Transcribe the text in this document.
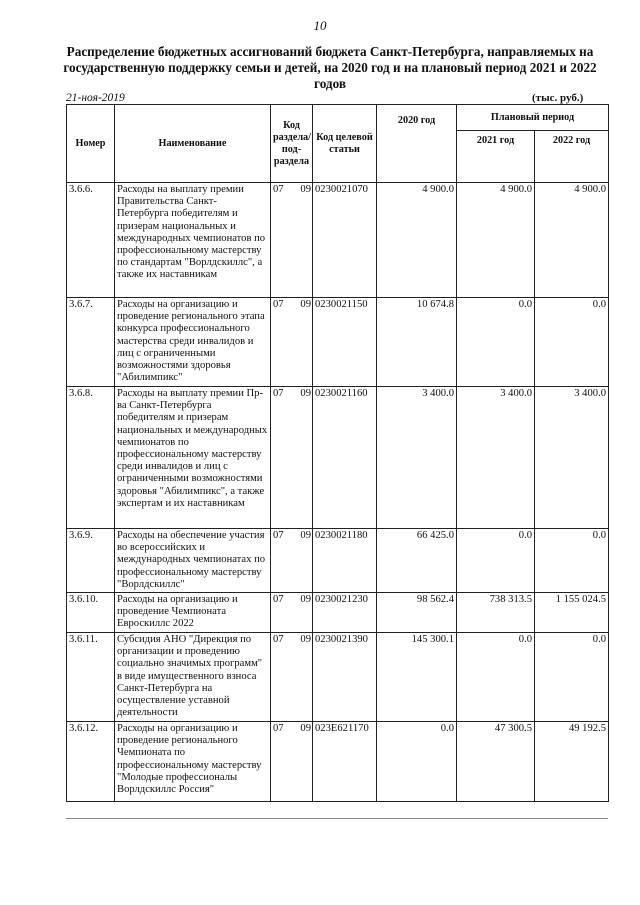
10
Распределение бюджетных ассигнований бюджета Санкт-Петербурга, направляемых на государственную поддержку семьи и детей, на 2020 год и на плановый период 2021 и 2022 годов
21-ноя-2019	(тыс. руб.)
Номер	Наименование	Код раздела/ под- раздела	Код целевой статьи	2020 год	Плановый период	
					2021 год	2022 год
3.6.6.	Расходы на выплату премии Правительства Санкт-Петербурга победителям и призерам национальных и международных чемпионатов по профессиональному мастерству по стандартам "Ворлдскиллс", а также их наставникам	07 09	0230021070	4 900.0	4 900.0	4 900.0
3.6.7.	Расходы на организацию и проведение регионального этапа конкурса профессионального мастерства среди инвалидов и лиц с ограниченными возможностями здоровья "Абилимпикс"	07 09	0230021150	10 674.8	0.0	0.0
3.6.8.	Расходы на выплату премии Пр-ва Санкт-Петербурга победителям и призерам национальных и международных чемпионатов по профессиональному мастерству среди инвалидов и лиц с ограниченными возможностями здоровья "Абилимпикс", а также экспертам и их наставникам	07 09	0230021160	3 400.0	3 400.0	3 400.0
3.6.9.	Расходы на обеспечение участия во всероссийских и международных чемпионатах по профессиональному мастерству "Ворлдскиллс"	07 09	0230021180	66 425.0	0.0	0.0
3.6.10.	Расходы на организацию и проведение Чемпионата Евроскиллс 2022	07 09	0230021230	98 562.4	738 313.5	1 155 024.5
3.6.11.	Субсидия АНО "Дирекция по организации и проведению социально значимых программ" в виде имущественного взноса Санкт-Петербурга на осуществление уставной деятельности	07 09	0230021390	145 300.1	0.0	0.0
3.6.12.	Расходы на организацию и проведение регионального Чемпионата по профессиональному мастерству "Молодые профессионалы Ворлдскиллс Россия"	07 09	023E621170	0.0	47 300.5	49 192.5
